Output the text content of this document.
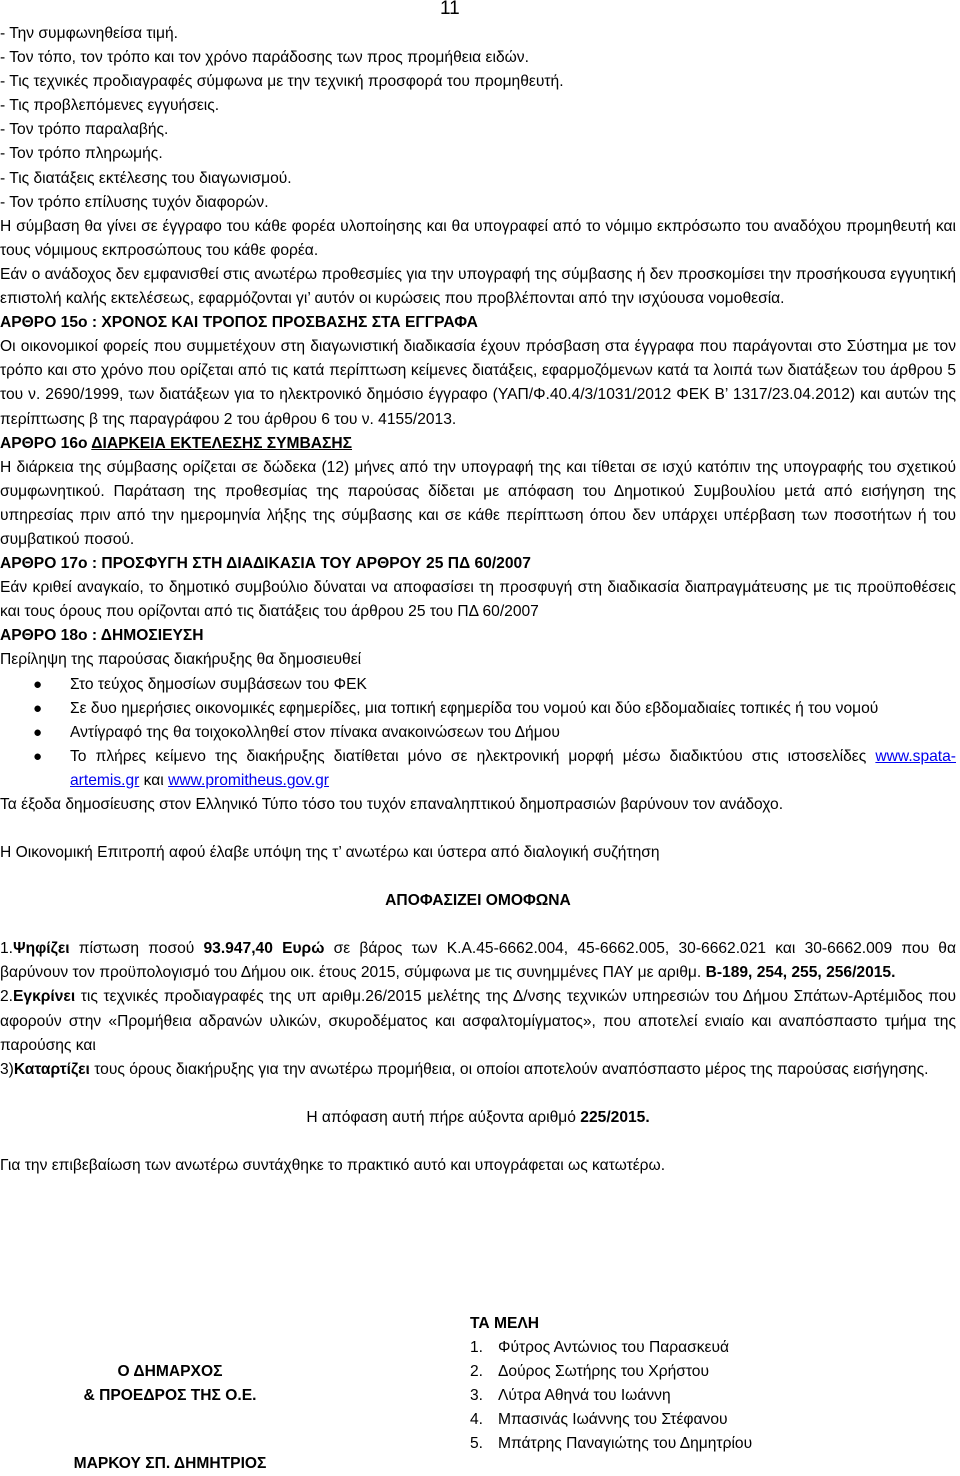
11

- Την συμφωνηθείσα τιμή.

- Τον τόπο, τον τρόπο και τον χρόνο παράδοσης των προς προμήθεια ειδών.

- Τις τεχνικές προδιαγραφές σύμφωνα με την τεχνική προσφορά του προμηθευτή.

- Τις προβλεπόμενες εγγυήσεις.

- Τον τρόπο παραλαβής.

- Τον τρόπο πληρωμής.

- Τις διατάξεις εκτέλεσης του διαγωνισμού.

- Τον τρόπο επίλυσης τυχόν διαφορών.

Η σύμβαση θα γίνει σε έγγραφο του κάθε φορέα υλοποίησης και θα υπογραφεί από το νόμιμο εκπρόσωπο του αναδόχου προμηθευτή και τους νόμιμους εκπροσώπους του κάθε φορέα.

Εάν ο ανάδοχος δεν εμφανισθεί στις ανωτέρω προθεσμίες για την υπογραφή της σύμβασης ή δεν προσκομίσει την προσήκουσα εγγυητική επιστολή καλής εκτελέσεως, εφαρμόζονται γι’ αυτόν οι κυρώσεις που προβλέπονται από την ισχύουσα νομοθεσία.

ΑΡΘΡΟ 15ο : ΧΡΟΝΟΣ ΚΑΙ ΤΡΟΠΟΣ ΠΡΟΣΒΑΣΗΣ ΣΤΑ ΕΓΓΡΑΦΑ

Οι οικονομικοί φορείς που συμμετέχουν στη διαγωνιστική διαδικασία έχουν πρόσβαση στα έγγραφα που παράγονται στο Σύστημα με τον τρόπο και στο χρόνο που ορίζεται από τις κατά περίπτωση κείμενες διατάξεις, εφαρμοζόμενων κατά τα λοιπά των διατάξεων του άρθρου 5 του ν. 2690/1999, των διατάξεων για το ηλεκτρονικό δημόσιο έγγραφο (ΥΑΠ/Φ.40.4/3/1031/2012 ΦΕΚ Β’ 1317/23.04.2012) και αυτών της περίπτωσης β της παραγράφου 2 του άρθρου 6 του ν. 4155/2013.

ΑΡΘΡΟ 16ο ΔΙΑΡΚΕΙΑ ΕΚΤΕΛΕΣΗΣ ΣΥΜΒΑΣΗΣ

Η διάρκεια της σύμβασης ορίζεται σε δώδεκα (12) μήνες από την υπογραφή της και τίθεται σε ισχύ κατόπιν της υπογραφής του σχετικού συμφωνητικού. Παράταση της προθεσμίας της παρούσας δίδεται με απόφαση του Δημοτικού Συμβουλίου μετά από εισήγηση της υπηρεσίας πριν από την ημερομηνία λήξης της σύμβασης και σε κάθε περίπτωση όπου δεν υπάρχει υπέρβαση των ποσοτήτων ή του συμβατικού ποσού.

ΑΡΘΡΟ 17ο : ΠΡΟΣΦΥΓΗ ΣΤΗ ΔΙΑΔΙΚΑΣΙΑ ΤΟΥ ΑΡΘΡΟΥ 25 ΠΔ 60/2007

Εάν κριθεί αναγκαίο, το δημοτικό συμβούλιο δύναται να αποφασίσει τη προσφυγή στη διαδικασία διαπραγμάτευσης με τις προϋποθέσεις και τους όρους που ορίζονται από τις διατάξεις του άρθρου 25 του ΠΔ 60/2007

ΑΡΘΡΟ 18ο : ΔΗΜΟΣΙΕΥΣΗ

Περίληψη της παρούσας διακήρυξης θα δημοσιευθεί

● Στο τεύχος δημοσίων συμβάσεων του ΦΕΚ
● Σε δυο ημερήσιες οικονομικές εφημερίδες, μια τοπική εφημερίδα του νομού και δύο εβδομαδιαίες τοπικές ή του νομού
● Αντίγραφό της θα τοιχοκολληθεί στον πίνακα ανακοινώσεων του Δήμου
● Το πλήρες κείμενο της διακήρυξης διατίθεται μόνο σε ηλεκτρονική μορφή μέσω διαδικτύου στις ιστοσελίδες www.spata-artemis.gr και www.promitheus.gov.gr

Τα έξοδα δημοσίευσης στον Ελληνικό Τύπο τόσο του τυχόν επαναληπτικού δημοπρασιών βαρύνουν τον ανάδοχο.

Η Οικονομική Επιτροπή αφού έλαβε υπόψη της τ’ ανωτέρω και ύστερα από διαλογική συζήτηση

ΑΠΟΦΑΣΙΖΕΙ ΟΜΟΦΩΝΑ

1.Ψηφίζει πίστωση ποσού 93.947,40 Ευρώ σε βάρος των Κ.Α.45-6662.004, 45-6662.005, 30-6662.021 και 30-6662.009 που θα βαρύνουν τον προϋπολογισμό του Δήμου οικ. έτους 2015, σύμφωνα με τις συνημμένες ΠΑΥ με αριθμ. Β-189, 254, 255, 256/2015.

2.Εγκρίνει τις τεχνικές προδιαγραφές της υπ αριθμ.26/2015 μελέτης της Δ/νσης τεχνικών υπηρεσιών του Δήμου Σπάτων-Αρτέμιδος που αφορούν στην «Προμήθεια αδρανών υλικών, σκυροδέματος και ασφαλτομίγματος», που αποτελεί ενιαίο και αναπόσπαστο τμήμα της παρούσης και

3)Καταρτίζει τους όρους διακήρυξης για την ανωτέρω προμήθεια, οι οποίοι αποτελούν αναπόσπαστο μέρος της παρούσας εισήγησης.

Η απόφαση αυτή πήρε αύξοντα αριθμό 225/2015.

Για την επιβεβαίωση των ανωτέρω συντάχθηκε το πρακτικό αυτό και υπογράφεται ως κατωτέρω.

Ο ΔΗΜΑΡΧΟΣ
& ΠΡΟΕΔΡΟΣ ΤΗΣ Ο.Ε.
ΜΑΡΚΟΥ ΣΠ. ΔΗΜΗΤΡΙΟΣ
ΤΑ ΜΕΛΗ
1. Φύτρος Αντώνιος του Παρασκευά
2. Δούρος Σωτήρης του Χρήστου
3. Λύτρα Αθηνά του Ιωάννη
4. Μπασινάς Ιωάννης του Στέφανου
5. Μπάτρης Παναγιώτης του Δημητρίου
